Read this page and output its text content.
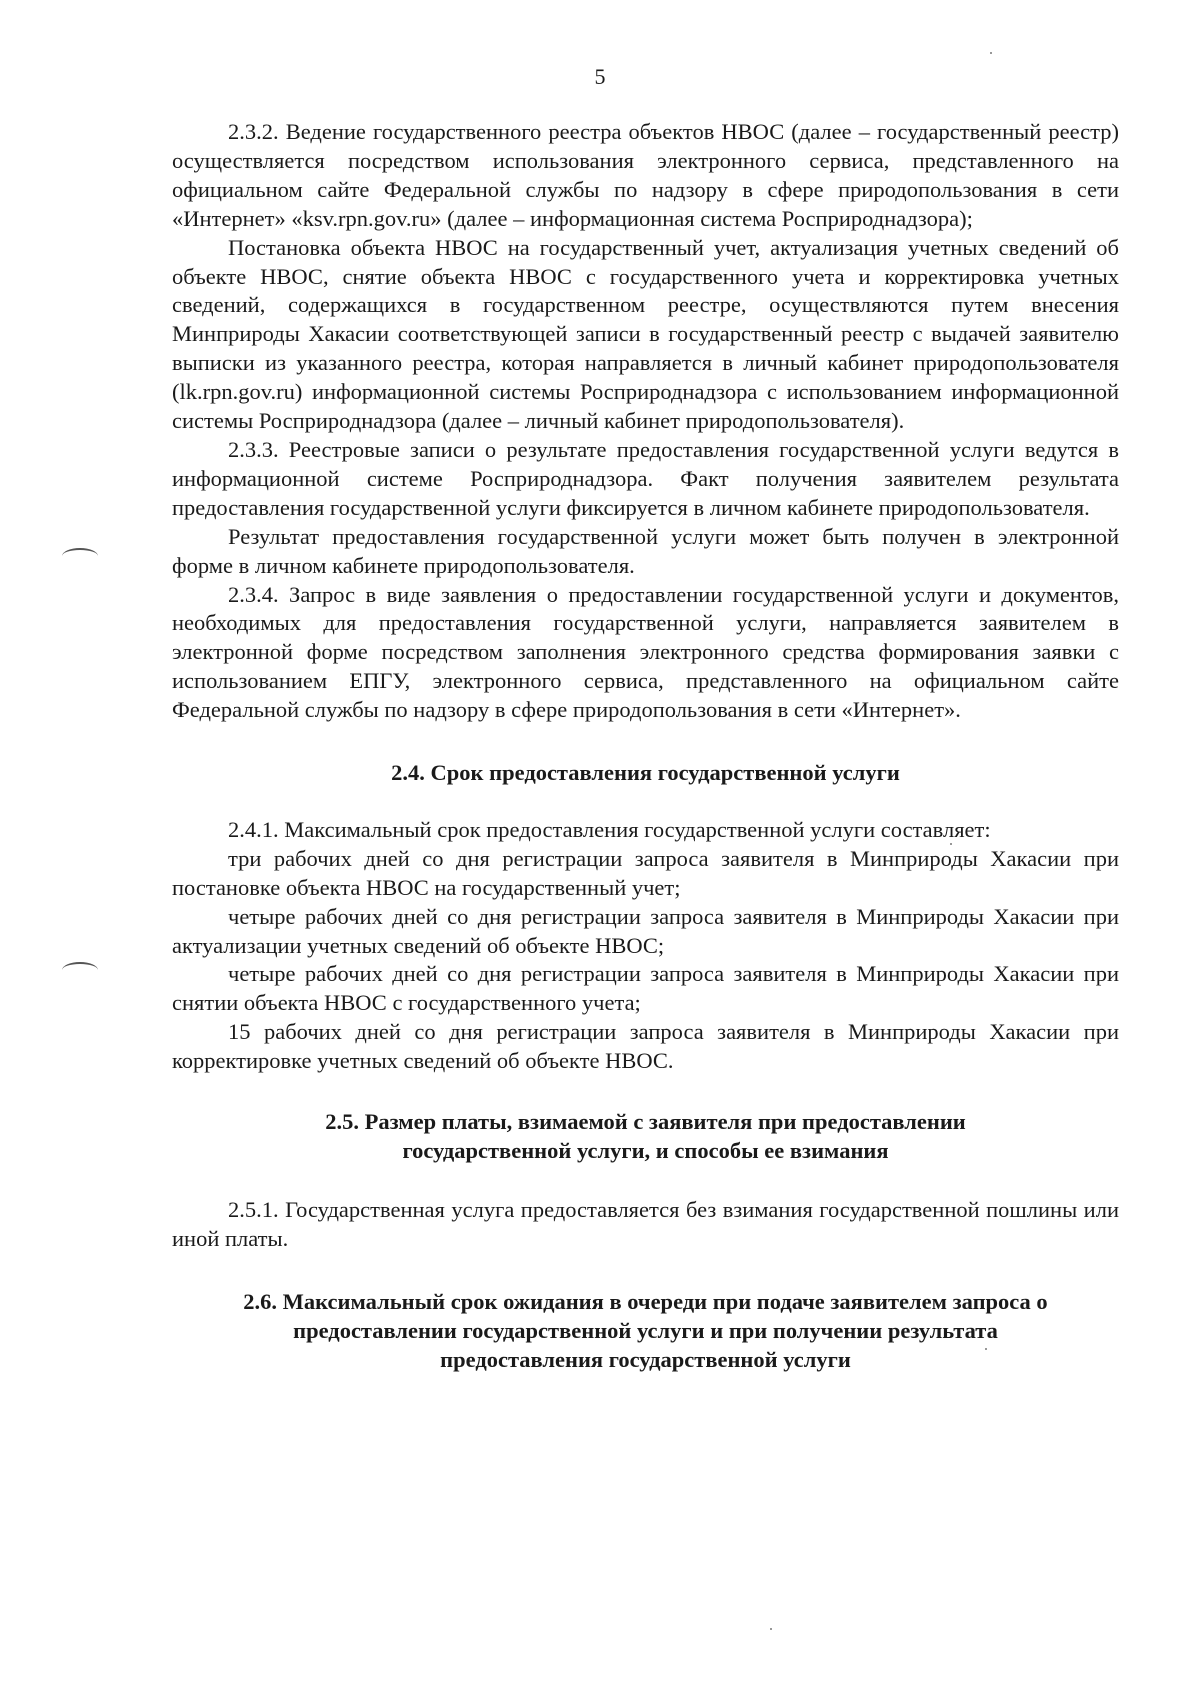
5

2.3.2. Ведение государственного реестра объектов НВОС (далее – государственный реестр) осуществляется посредством использования электронного сервиса, представленного на официальном сайте Федеральной службы по надзору в сфере природопользования в сети «Интернет» «ksv.rpn.gov.ru» (далее – информационная система Росприроднадзора);

Постановка объекта НВОС на государственный учет, актуализация учетных сведений об объекте НВОС, снятие объекта НВОС с государственного учета и корректировка учетных сведений, содержащихся в государственном реестре, осуществляются путем внесения Минприроды Хакасии соответствующей записи в государственный реестр с выдачей заявителю выписки из указанного реестра, которая направляется в личный кабинет природопользователя (lk.rpn.gov.ru) информационной системы Росприроднадзора с использованием информационной системы Росприроднадзора (далее – личный кабинет природопользователя).

2.3.3. Реестровые записи о результате предоставления государственной услуги ведутся в информационной системе Росприроднадзора. Факт получения заявителем результата предоставления государственной услуги фиксируется в личном кабинете природопользователя.

Результат предоставления государственной услуги может быть получен в электронной форме в личном кабинете природопользователя.

2.3.4. Запрос в виде заявления о предоставлении государственной услуги и документов, необходимых для предоставления государственной услуги, направляется заявителем в электронной форме посредством заполнения электронного средства формирования заявки с использованием ЕПГУ, электронного сервиса, представленного на официальном сайте Федеральной службы по надзору в сфере природопользования в сети «Интернет».

2.4. Срок предоставления государственной услуги

2.4.1. Максимальный срок предоставления государственной услуги составляет:

три рабочих дней со дня регистрации запроса заявителя в Минприроды Хакасии при постановке объекта НВОС на государственный учет;

четыре рабочих дней со дня регистрации запроса заявителя в Минприроды Хакасии при актуализации учетных сведений об объекте НВОС;

четыре рабочих дней со дня регистрации запроса заявителя в Минприроды Хакасии при снятии объекта НВОС с государственного учета;

15 рабочих дней со дня регистрации запроса заявителя в Минприроды Хакасии при корректировке учетных сведений об объекте НВОС.

2.5. Размер платы, взимаемой с заявителя при предоставлении
государственной услуги, и способы ее взимания

2.5.1. Государственная услуга предоставляется без взимания государственной пошлины или иной платы.

2.6. Максимальный срок ожидания в очереди при подаче заявителем запроса о
предоставлении государственной услуги и при получении результата
предоставления государственной услуги
